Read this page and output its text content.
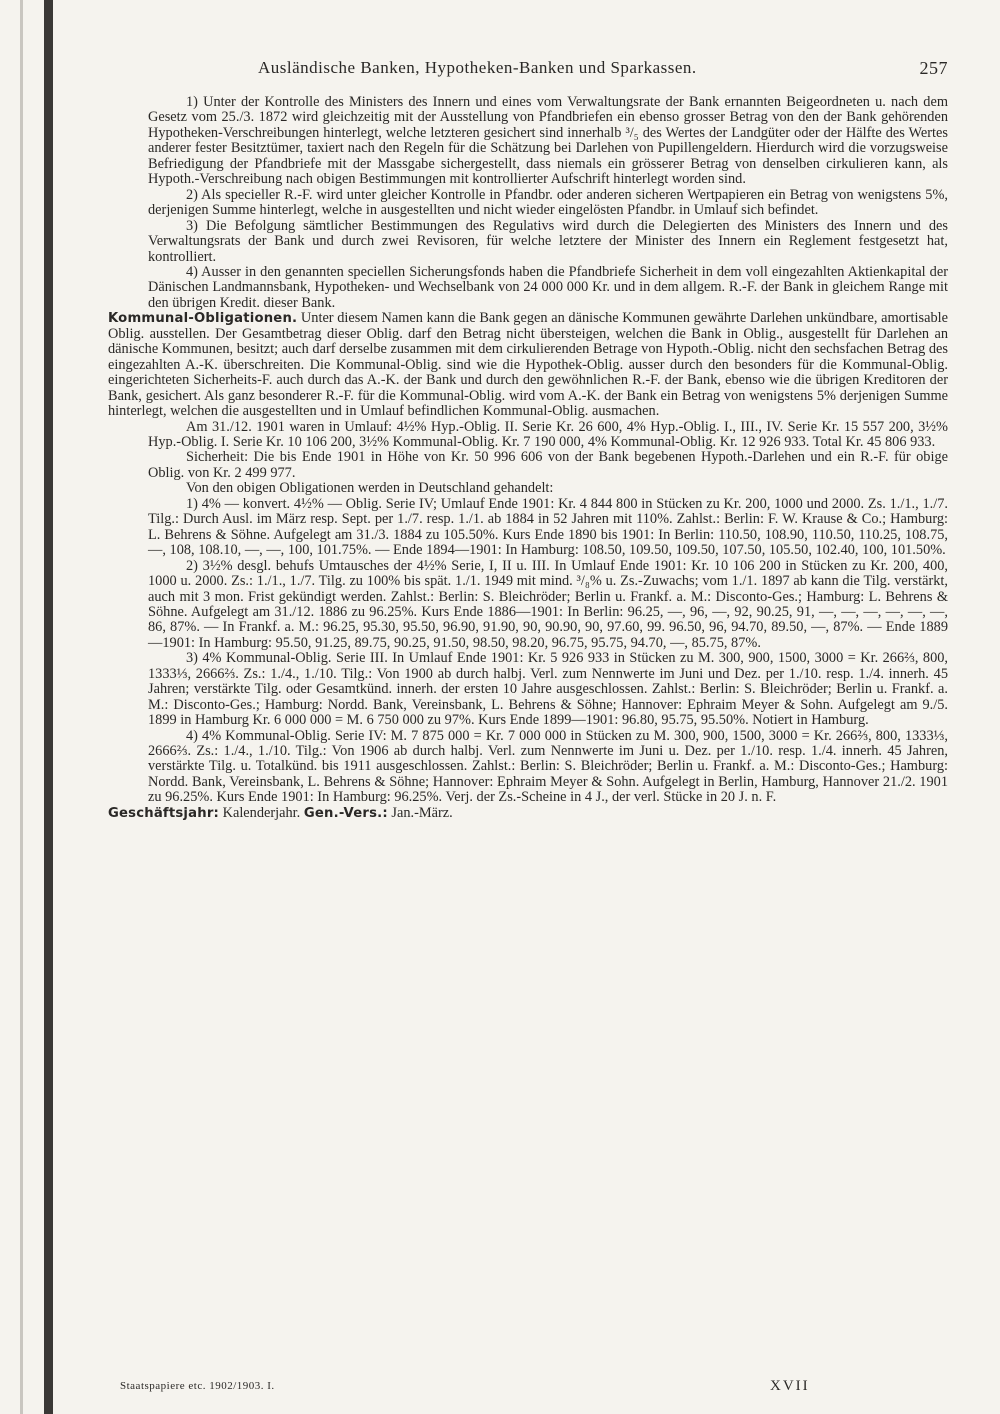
Ausländische Banken, Hypotheken-Banken und Sparkassen.	257

1) Unter der Kontrolle des Ministers des Innern und eines vom Verwaltungsrate der Bank ernannten Beigeordneten u. nach dem Gesetz vom 25./3. 1872 wird gleichzeitig mit der Ausstellung von Pfandbriefen ein ebenso grosser Betrag von den der Bank gehörenden Hypotheken-Verschreibungen hinterlegt, welche letzteren gesichert sind innerhalb ³/₅ des Wertes der Landgüter oder der Hälfte des Wertes anderer fester Besitztümer, taxiert nach den Regeln für die Schätzung bei Darlehen von Pupillengeldern. Hierdurch wird die vorzugsweise Befriedigung der Pfandbriefe mit der Massgabe sichergestellt, dass niemals ein grösserer Betrag von denselben cirkulieren kann, als Hypoth.-Verschreibung nach obigen Bestimmungen mit kontrollierter Aufschrift hinterlegt worden sind.

2) Als specieller R.-F. wird unter gleicher Kontrolle in Pfandbr. oder anderen sicheren Wertpapieren ein Betrag von wenigstens 5%, derjenigen Summe hinterlegt, welche in ausgestellten und nicht wieder eingelösten Pfandbr. in Umlauf sich befindet.

3) Die Befolgung sämtlicher Bestimmungen des Regulativs wird durch die Delegierten des Ministers des Innern und des Verwaltungsrats der Bank und durch zwei Revisoren, für welche letztere der Minister des Innern ein Reglement festgesetzt hat, kontrolliert.

4) Ausser in den genannten speciellen Sicherungsfonds haben die Pfandbriefe Sicherheit in dem voll eingezahlten Aktienkapital der Dänischen Landmannsbank, Hypotheken- und Wechselbank von 24 000 000 Kr. und in dem allgem. R.-F. der Bank in gleichem Range mit den übrigen Kredit. dieser Bank.

Kommunal-Obligationen. Unter diesem Namen kann die Bank gegen an dänische Kommunen gewährte Darlehen unkündbare, amortisable Oblig. ausstellen. Der Gesamtbetrag dieser Oblig. darf den Betrag nicht übersteigen, welchen die Bank in Oblig., ausgestellt für Darlehen an dänische Kommunen, besitzt; auch darf derselbe zusammen mit dem cirkulierenden Betrage von Hypoth.-Oblig. nicht den sechsfachen Betrag des eingezahlten A.-K. überschreiten. Die Kommunal-Oblig. sind wie die Hypothek-Oblig. ausser durch den besonders für die Kommunal-Oblig. eingerichteten Sicherheits-F. auch durch das A.-K. der Bank und durch den gewöhnlichen R.-F. der Bank, ebenso wie die übrigen Kreditoren der Bank, gesichert. Als ganz besonderer R.-F. für die Kommunal-Oblig. wird vom A.-K. der Bank ein Betrag von wenigstens 5% derjenigen Summe hinterlegt, welchen die ausgestellten und in Umlauf befindlichen Kommunal-Oblig. ausmachen.

Am 31./12. 1901 waren in Umlauf: 4½% Hyp.-Oblig. II. Serie Kr. 26 600, 4% Hyp.-Oblig. I., III., IV. Serie Kr. 15 557 200, 3½% Hyp.-Oblig. I. Serie Kr. 10 106 200, 3½% Kommunal-Oblig. Kr. 7 190 000, 4% Kommunal-Oblig. Kr. 12 926 933. Total Kr. 45 806 933.

Sicherheit: Die bis Ende 1901 in Höhe von Kr. 50 996 606 von der Bank begebenen Hypoth.-Darlehen und ein R.-F. für obige Oblig. von Kr. 2 499 977.

Von den obigen Obligationen werden in Deutschland gehandelt:

1) 4% — konvert. 4½% — Oblig. Serie IV; Umlauf Ende 1901: Kr. 4 844 800 in Stücken zu Kr. 200, 1000 und 2000. Zs. 1./1., 1./7. Tilg.: Durch Ausl. im März resp. Sept. per 1./7. resp. 1./1. ab 1884 in 52 Jahren mit 110%. Zahlst.: Berlin: F. W. Krause & Co.; Hamburg: L. Behrens & Söhne. Aufgelegt am 31./3. 1884 zu 105.50%. Kurs Ende 1890 bis 1901: In Berlin: 110.50, 108.90, 110.50, 110.25, 108.75, —, 108, 108.10, —, —, 100, 101.75%. — Ende 1894—1901: In Hamburg: 108.50, 109.50, 109.50, 107.50, 105.50, 102.40, 100, 101.50%.

2) 3½% desgl. behufs Umtausches der 4½% Serie, I, II u. III. In Umlauf Ende 1901: Kr. 10 106 200 in Stücken zu Kr. 200, 400, 1000 u. 2000. Zs.: 1./1., 1./7. Tilg. zu 100% bis spät. 1./1. 1949 mit mind. ³/₈% u. Zs.-Zuwachs; vom 1./1. 1897 ab kann die Tilg. verstärkt, auch mit 3 mon. Frist gekündigt werden. Zahlst.: Berlin: S. Bleichröder; Berlin u. Frankf. a. M.: Disconto-Ges.; Hamburg: L. Behrens & Söhne. Aufgelegt am 31./12. 1886 zu 96.25%. Kurs Ende 1886—1901: In Berlin: 96.25, —, 96, —, 92, 90.25, 91, —, —, —, —, —, —, 86, 87%. — In Frankf. a. M.: 96.25, 95.30, 95.50, 96.90, 91.90, 90, 90.90, 90, 97.60, 99. 96.50, 96, 94.70, 89.50, —, 87%. — Ende 1889—1901: In Hamburg: 95.50, 91.25, 89.75, 90.25, 91.50, 98.50, 98.20, 96.75, 95.75, 94.70, —, 85.75, 87%.

3) 4% Kommunal-Oblig. Serie III. In Umlauf Ende 1901: Kr. 5 926 933 in Stücken zu M. 300, 900, 1500, 3000 = Kr. 266⅔, 800, 1333⅓, 2666⅔. Zs.: 1./4., 1./10. Tilg.: Von 1900 ab durch halbj. Verl. zum Nennwerte im Juni und Dez. per 1./10. resp. 1./4. innerh. 45 Jahren; verstärkte Tilg. oder Gesamtkünd. innerh. der ersten 10 Jahre ausgeschlossen. Zahlst.: Berlin: S. Bleichröder; Berlin u. Frankf. a. M.: Disconto-Ges.; Hamburg: Nordd. Bank, Vereinsbank, L. Behrens & Söhne; Hannover: Ephraim Meyer & Sohn. Aufgelegt am 9./5. 1899 in Hamburg Kr. 6 000 000 = M. 6 750 000 zu 97%. Kurs Ende 1899—1901: 96.80, 95.75, 95.50%. Notiert in Hamburg.

4) 4% Kommunal-Oblig. Serie IV: M. 7 875 000 = Kr. 7 000 000 in Stücken zu M. 300, 900, 1500, 3000 = Kr. 266⅔, 800, 1333⅓, 2666⅔. Zs.: 1./4., 1./10. Tilg.: Von 1906 ab durch halbj. Verl. zum Nennwerte im Juni u. Dez. per 1./10. resp. 1./4. innerh. 45 Jahren, verstärkte Tilg. u. Totalkünd. bis 1911 ausgeschlossen. Zahlst.: Berlin: S. Bleichröder; Berlin u. Frankf. a. M.: Disconto-Ges.; Hamburg: Nordd. Bank, Vereinsbank, L. Behrens & Söhne; Hannover: Ephraim Meyer & Sohn. Aufgelegt in Berlin, Hamburg, Hannover 21./2. 1901 zu 96.25%. Kurs Ende 1901: In Hamburg: 96.25%. Verj. der Zs.-Scheine in 4 J., der verl. Stücke in 20 J. n. F.

Geschäftsjahr: Kalenderjahr. Gen.-Vers.: Jan.-März.

Staatspapiere etc. 1902/1903. I.	XVII
